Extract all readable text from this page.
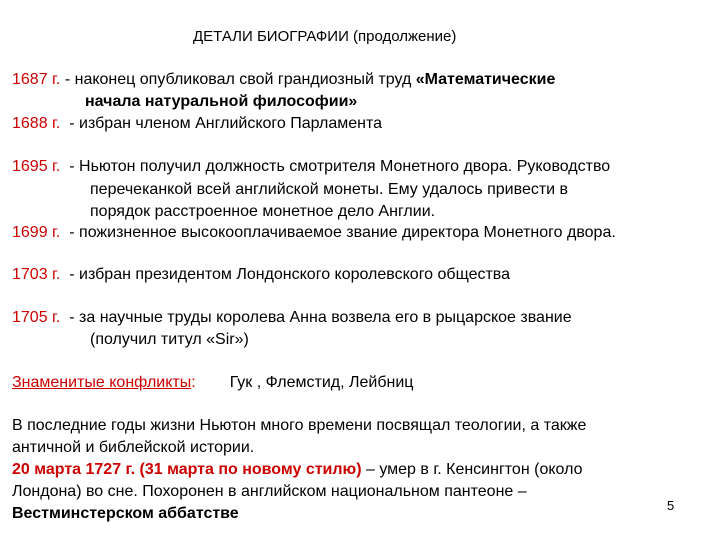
ДЕТАЛИ БИОГРАФИИ (продолжение)
1687 г. - наконец опубликовал свой грандиозный труд «Математические
начала натуральной философии»
1688 г. - избран членом Английского Парламента
1695 г. - Ньютон получил должность смотрителя Монетного двора. Руководство
перечеканкой всей английской монеты. Ему удалось привести в
порядок расстроенное монетное дело Англии.
1699 г. - пожизненное высокооплачиваемое звание директора Монетного двора.
1703 г. - избран президентом Лондонского королевского общества
1705 г. - за научные труды королева Анна возвела его в рыцарское звание
(получил титул «Sir»)
Знаменитые конфликты: Гук , Флемстид, Лейбниц
В последние годы жизни Ньютон много времени посвящал теологии, а также
античной и библейской истории.
20 марта 1727 г. (31 марта по новому стилю) – умер в г. Кенсингтон (около
Лондона) во сне. Похоронен в английском национальном пантеоне –
Вестминстерском аббатстве	5
